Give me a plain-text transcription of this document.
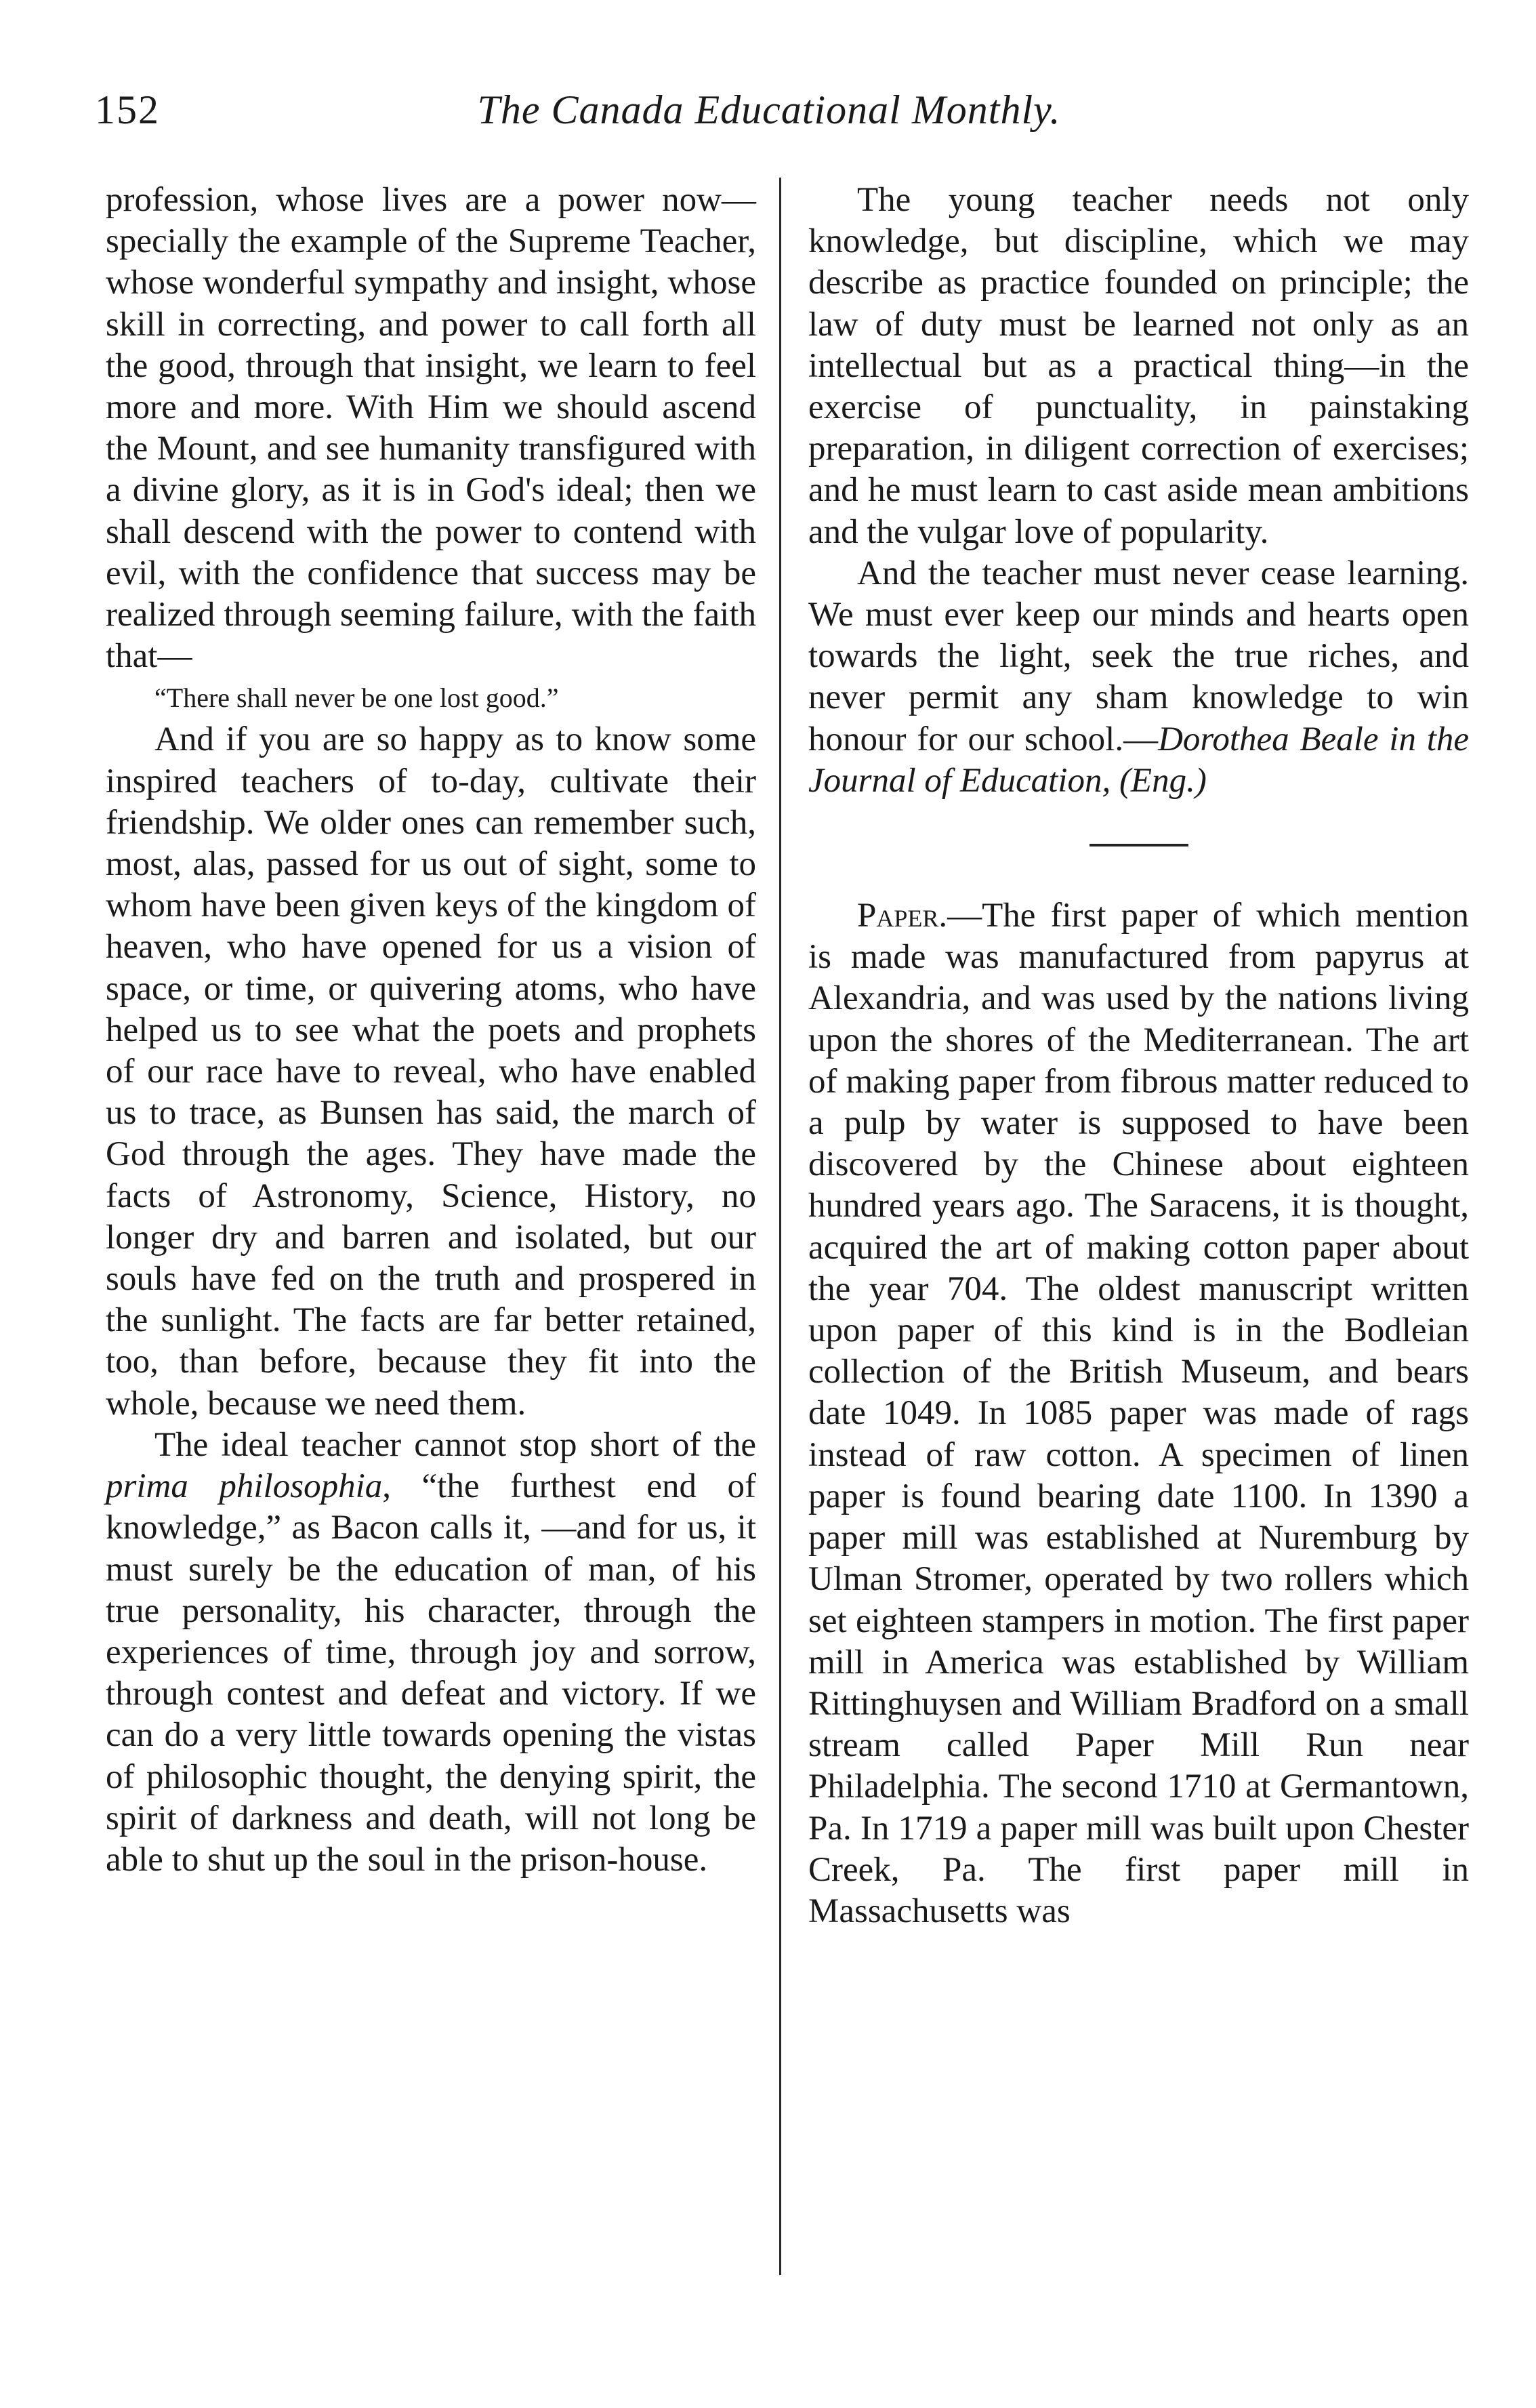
152	The Canada Educational Monthly.

profession, whose lives are a power now—specially the example of the Supreme Teacher, whose wonderful sympathy and insight, whose skill in correcting, and power to call forth all the good, through that insight, we learn to feel more and more. With Him we should ascend the Mount, and see humanity transfigured with a divine glory, as it is in God's ideal; then we shall descend with the power to contend with evil, with the confidence that success may be realized through seeming failure, with the faith that—

“There shall never be one lost good.”

And if you are so happy as to know some inspired teachers of to-day, cultivate their friendship. We older ones can remember such, most, alas, passed for us out of sight, some to whom have been given keys of the kingdom of heaven, who have opened for us a vision of space, or time, or quivering atoms, who have helped us to see what the poets and prophets of our race have to reveal, who have enabled us to trace, as Bunsen has said, the march of God through the ages. They have made the facts of Astronomy, Science, History, no longer dry and barren and isolated, but our souls have fed on the truth and prospered in the sunlight. The facts are far better retained, too, than before, because they fit into the whole, because we need them.

The ideal teacher cannot stop short of the prima philosophia, “the furthest end of knowledge,” as Bacon calls it, —and for us, it must surely be the education of man, of his true personality, his character, through the experiences of time, through joy and sorrow, through contest and defeat and victory. If we can do a very little towards opening the vistas of philosophic thought, the denying spirit, the spirit of darkness and death, will not long be able to shut up the soul in the prison-house.

The young teacher needs not only knowledge, but discipline, which we may describe as practice founded on principle; the law of duty must be learned not only as an intellectual but as a practical thing—in the exercise of punctuality, in painstaking preparation, in diligent correction of exercises; and he must learn to cast aside mean ambitions and the vulgar love of popularity.

And the teacher must never cease learning. We must ever keep our minds and hearts open towards the light, seek the true riches, and never permit any sham knowledge to win honour for our school.—Dorothea Beale in the Journal of Education, (Eng.)

Paper.—The first paper of which mention is made was manufactured from papyrus at Alexandria, and was used by the nations living upon the shores of the Mediterranean. The art of making paper from fibrous matter reduced to a pulp by water is supposed to have been discovered by the Chinese about eighteen hundred years ago. The Saracens, it is thought, acquired the art of making cotton paper about the year 704. The oldest manuscript written upon paper of this kind is in the Bodleian collection of the British Museum, and bears date 1049. In 1085 paper was made of rags instead of raw cotton. A specimen of linen paper is found bearing date 1100. In 1390 a paper mill was established at Nuremburg by Ulman Stromer, operated by two rollers which set eighteen stampers in motion. The first paper mill in America was established by William Rittinghuysen and William Bradford on a small stream called Paper Mill Run near Philadelphia. The second 1710 at Germantown, Pa. In 1719 a paper mill was built upon Chester Creek, Pa. The first paper mill in Massachusetts was
